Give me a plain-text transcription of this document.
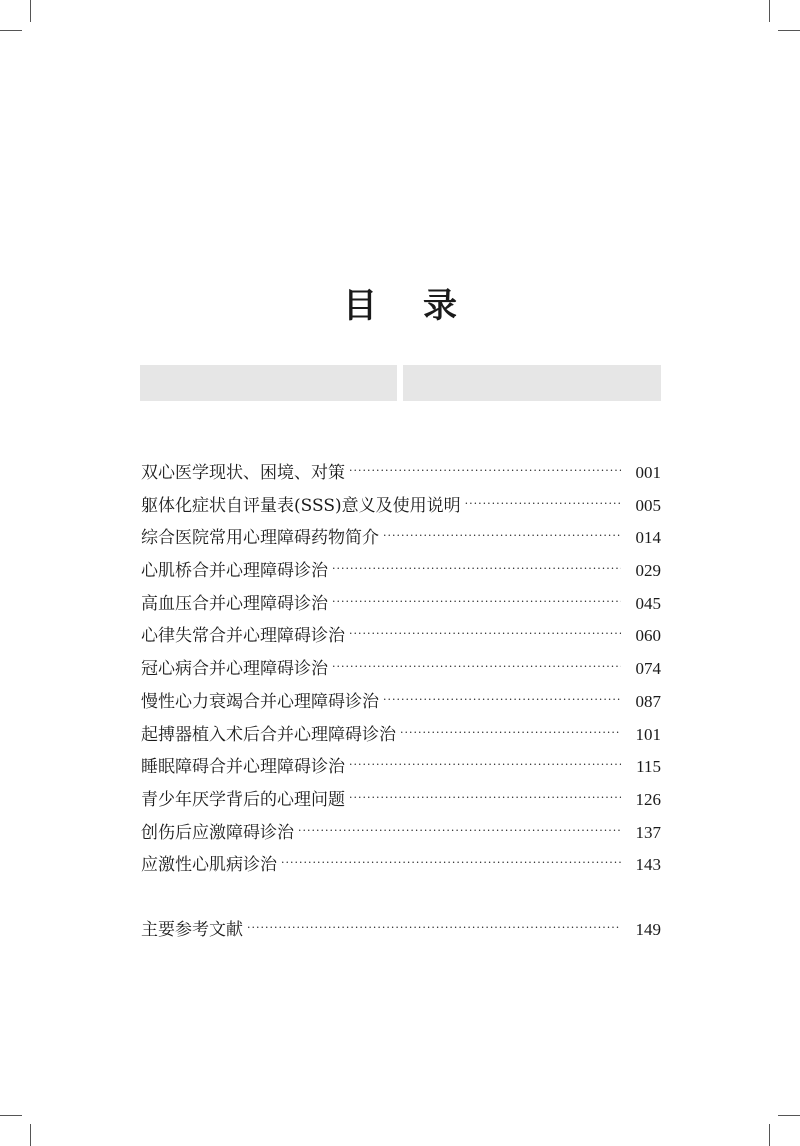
目 录
双心医学现状、困境、对策 ·····	001
躯体化症状自评量表(SSS)意义及使用说明 ·····	005
综合医院常用心理障碍药物简介 ·····	014
心肌桥合并心理障碍诊治 ·····	029
高血压合并心理障碍诊治 ·····	045
心律失常合并心理障碍诊治 ·····	060
冠心病合并心理障碍诊治 ·····	074
慢性心力衰竭合并心理障碍诊治 ·····	087
起搏器植入术后合并心理障碍诊治 ·····	101
睡眠障碍合并心理障碍诊治 ·····	115
青少年厌学背后的心理问题 ·····	126
创伤后应激障碍诊治 ·····	137
应激性心肌病诊治 ·····	143
主要参考文献 ·····	149
